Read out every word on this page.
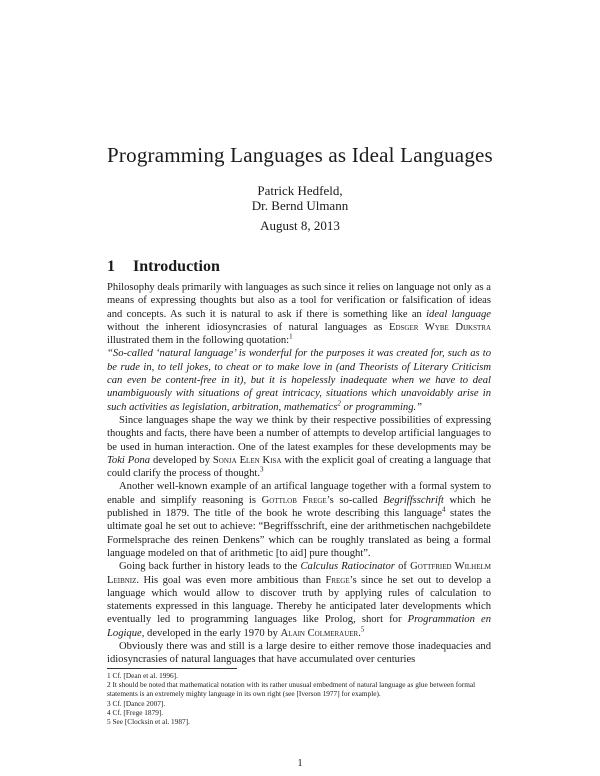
Programming Languages as Ideal Languages
Patrick Hedfeld,
Dr. Bernd Ulmann
August 8, 2013
1 Introduction

Philosophy deals primarily with languages as such since it relies on language not only as a means of expressing thoughts but also as a tool for verification or falsification of ideas and concepts. As such it is natural to ask if there is something like an ideal language without the inherent idiosyncrasies of natural languages as Edsger Wybe Dijkstra illustrated them in the following quotation:$^1$

“So-called ‘natural language’ is wonderful for the purposes it was created for, such as to be rude in, to tell jokes, to cheat or to make love in (and Theorists of Literary Criticism can even be content-free in it), but it is hopelessly inadequate when we have to deal unambiguously with situations of great intricacy, situations which unavoidably arise in such activities as legislation, arbitration, mathematics$^2$ or programming.”

Since languages shape the way we think by their respective possibilities of expressing thoughts and facts, there have been a number of attempts to develop artificial languages to be used in human interaction. One of the latest examples for these developments may be Toki Pona developed by Sonja Elen Kisa with the explicit goal of creating a language that could clarify the process of thought.$^3$

Another well-known example of an artifical language together with a formal system to enable and simplify reasoning is Gottlob Frege’s so-called Begriffsschrift which he published in 1879. The title of the book he wrote describing this language$^4$ states the ultimate goal he set out to achieve: “Begriffsschrift, eine der arithmetischen nachgebildete Formelsprache des reinen Denkens” which can be roughly translated as being a formal language modeled on that of arithmetic [to aid] pure thought”.

Going back further in history leads to the Calculus Ratiocinator of Gottfried Wilhelm Leibniz. His goal was even more ambitious than Frege’s since he set out to develop a language which would allow to discover truth by applying rules of calculation to statements expressed in this language. Thereby he anticipated later developments which eventually led to programming languages like Prolog, short for Programmation en Logique, developed in the early 1970 by Alain Colmerauer.$^5$

Obviously there was and still is a large desire to either remove those inadequacies and idiosyncrasies of natural languages that have accumulated over centuries

1 Cf. [Dean et al. 1996].

2 It should be noted that mathematical notation with its rather unusual embedment of natural language as glue between formal statements is an extremely mighty language in its own right (see [Iverson 1977] for example).

3 Cf. [Dance 2007].

4 Cf. [Frege 1879].

5 See [Clocksin et al. 1987].

1
